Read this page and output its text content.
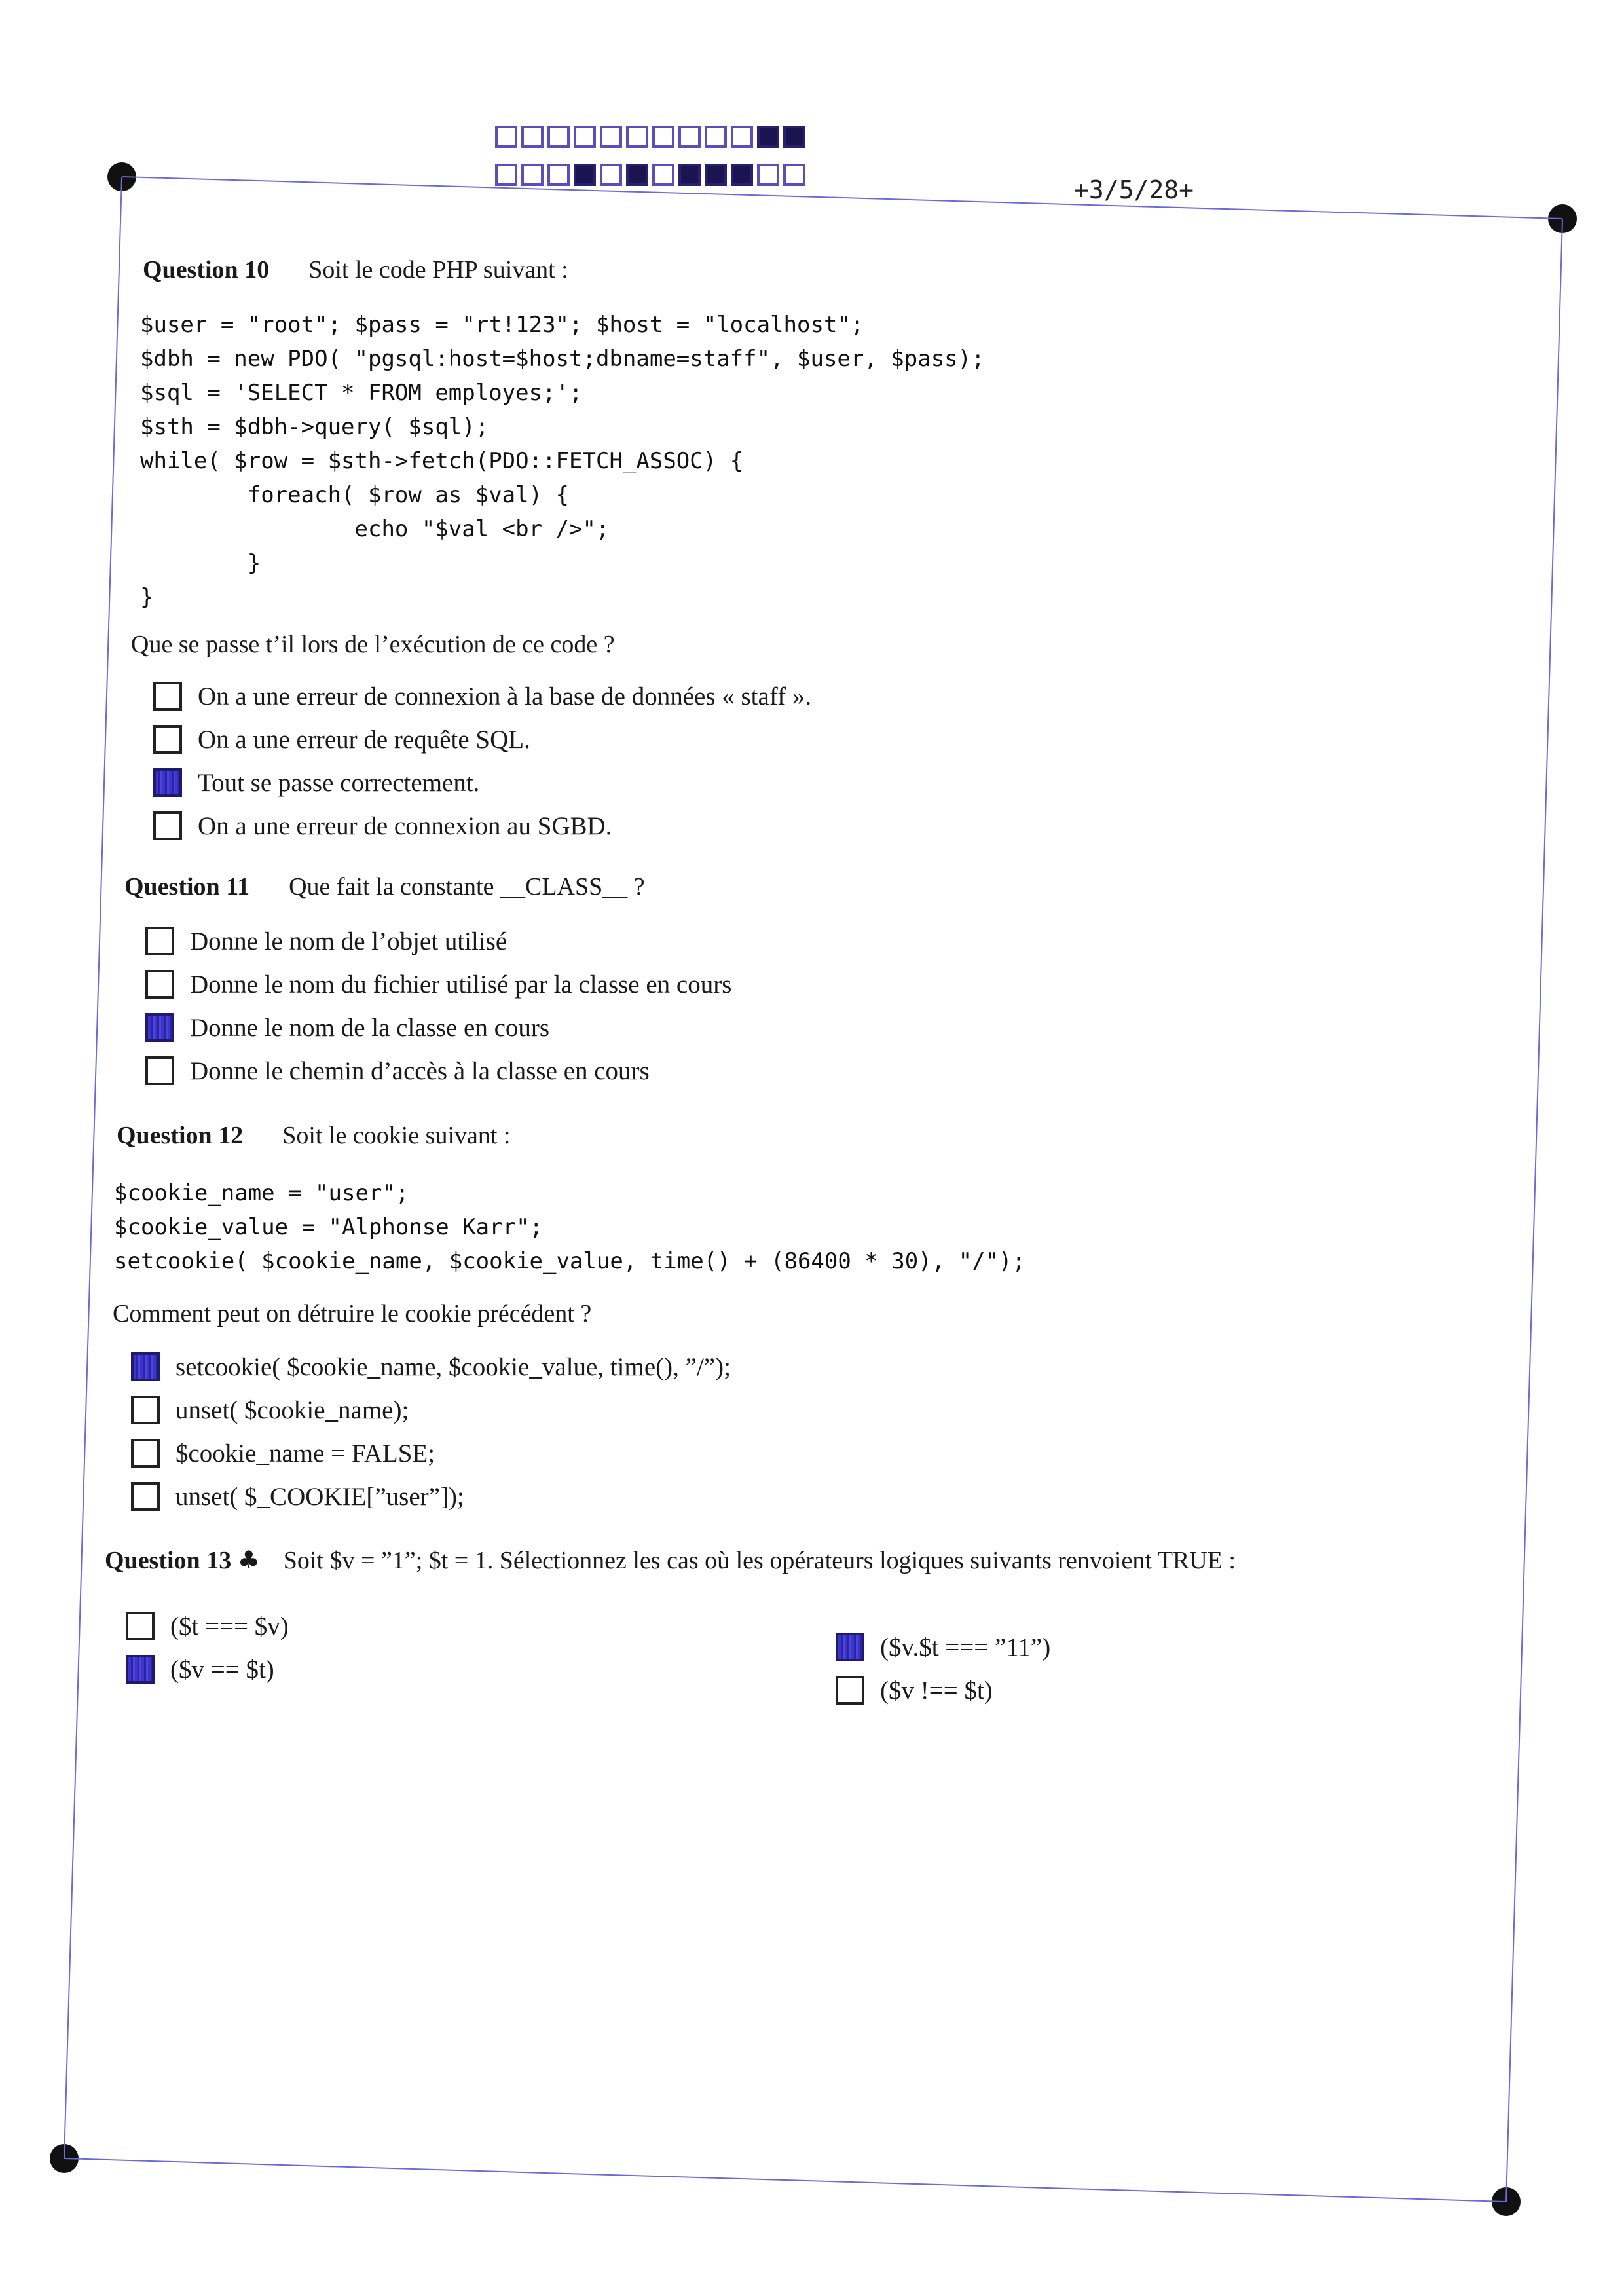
+3/5/28+
Question 10 Soit le code PHP suivant :
$user = "root"; $pass = "rt!123"; $host = "localhost";
$dbh = new PDO( "pgsql:host=$host;dbname=staff", $user, $pass);
$sql = 'SELECT * FROM employes;';
$sth = $dbh->query( $sql);
while( $row = $sth->fetch(PDO::FETCH_ASSOC) {
foreach( $row as $val) {
echo "$val <br />";
}
}
Que se passe t’il lors de l’exécution de ce code ?
On a une erreur de connexion à la base de données « staff ».
On a une erreur de requête SQL.
Tout se passe correctement.
On a une erreur de connexion au SGBD.
Question 11 Que fait la constante __CLASS__ ?
Donne le nom de l’objet utilisé
Donne le nom du fichier utilisé par la classe en cours
Donne le nom de la classe en cours
Donne le chemin d’accès à la classe en cours
Question 12 Soit le cookie suivant :
$cookie_name = "user";
$cookie_value = "Alphonse Karr";
setcookie( $cookie_name, $cookie_value, time() + (86400 * 30), "/");
Comment peut on détruire le cookie précédent ?
setcookie( $cookie_name, $cookie_value, time(), ”/”);
unset( $cookie_name);
$cookie_name = FALSE;
unset( $_COOKIE[”user”]);
Question 13 ♣ Soit $v = ”1”; $t = 1. Sélectionnez les cas où les opérateurs logiques suivants renvoient TRUE :
($t === $v)
($v == $t)
($v.$t === ”11”)
($v !== $t)
